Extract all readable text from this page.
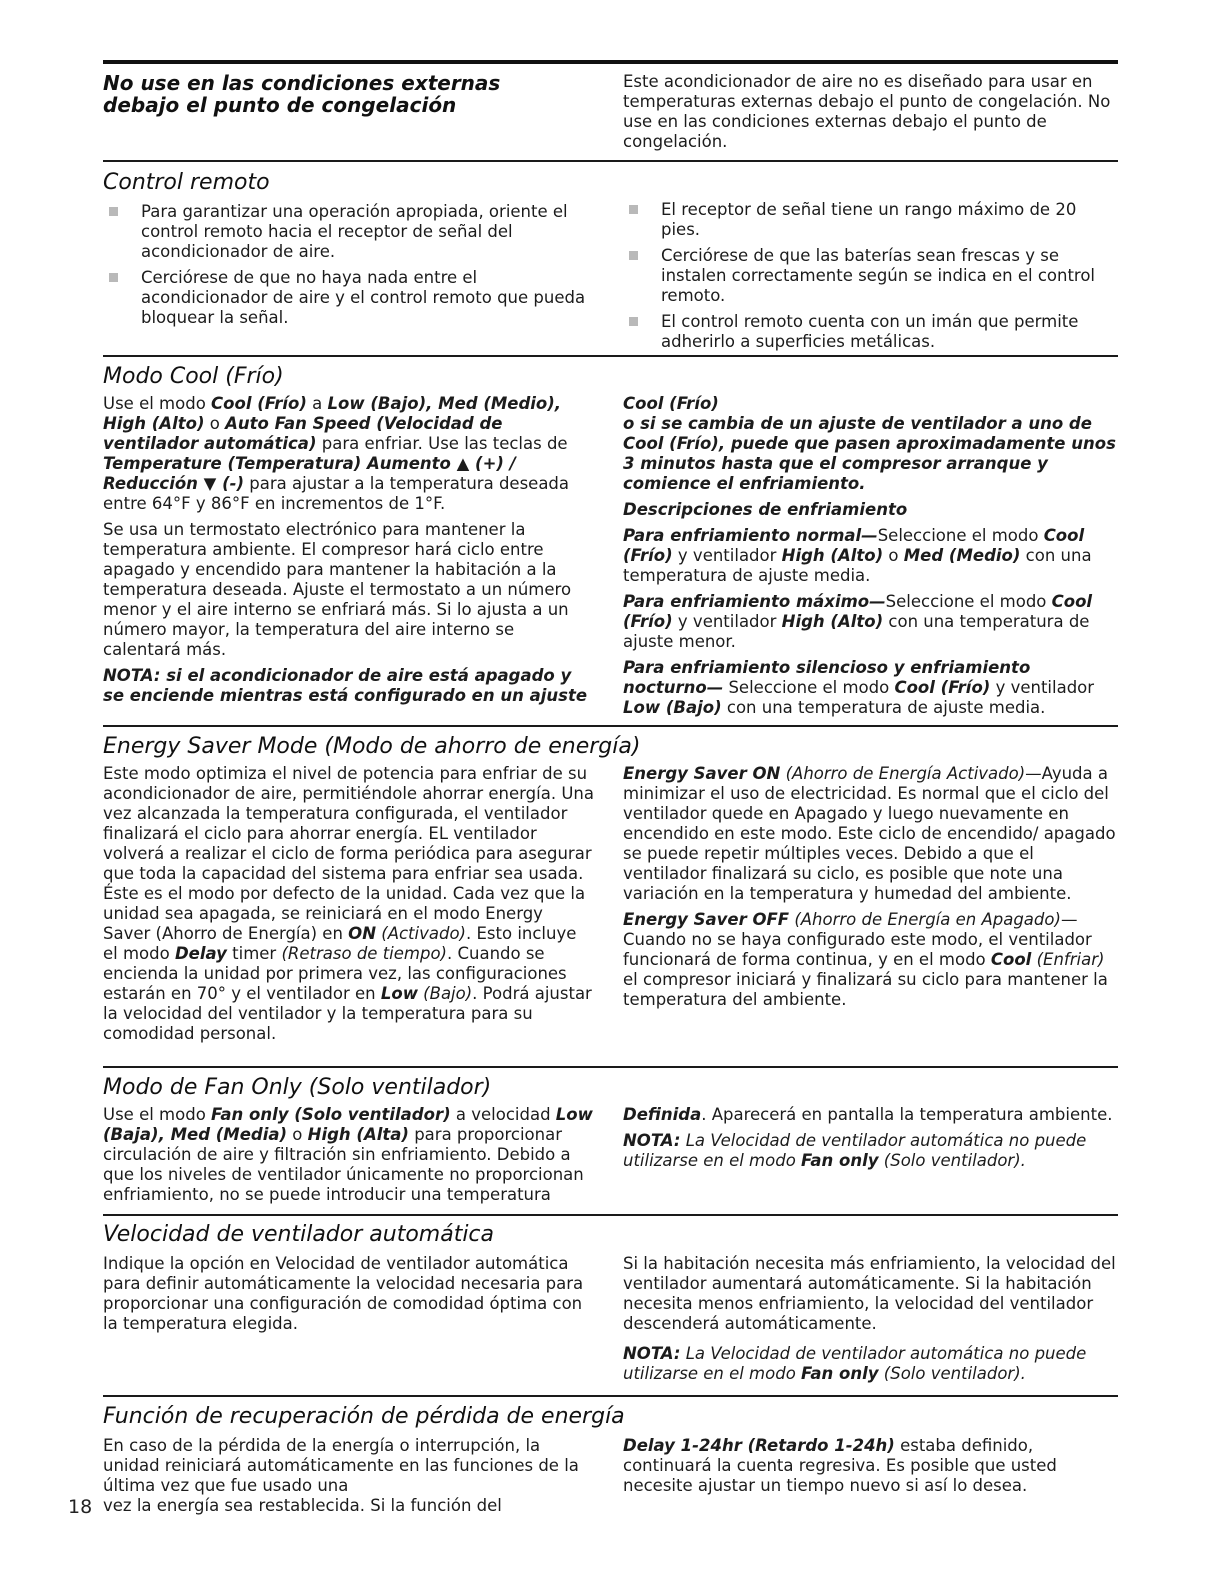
No use en las condiciones externas debajo el punto de congelación

Este acondicionador de aire no es diseñado para usar en temperaturas externas debajo el punto de congelación. No use en las condiciones externas debajo el punto de congelación.

Control remoto
Para garantizar una operación apropiada, oriente el control remoto hacia el receptor de señal del acondicionador de aire.
Cerciórese de que no haya nada entre el acondicionador de aire y el control remoto que pueda bloquear la señal.
El receptor de señal tiene un rango máximo de 20 pies.
Cerciórese de que las baterías sean frescas y se instalen correctamente según se indica en el control remoto.
El control remoto cuenta con un imán que permite adherirlo a superficies metálicas.
Modo Cool (Frío)

Use el modo Cool (Frío) a Low (Bajo), Med (Medio), High (Alto) o Auto Fan Speed (Velocidad de ventilador automática) para enfriar. Use las teclas de Temperature (Temperatura) Aumento ▲ (+) / Reducción ▼ (-) para ajustar a la temperatura deseada entre 64°F y 86°F en incrementos de 1°F.

Se usa un termostato electrónico para mantener la temperatura ambiente. El compresor hará ciclo entre apagado y encendido para mantener la habitación a la temperatura deseada. Ajuste el termostato a un número menor y el aire interno se enfriará más. Si lo ajusta a un número mayor, la temperatura del aire interno se calentará más.

NOTA: si el acondicionador de aire está apagado y se enciende mientras está configurado en un ajuste

Cool (Frío)
o si se cambia de un ajuste de ventilador a uno de Cool (Frío), puede que pasen aproximadamente unos 3 minutos hasta que el compresor arranque y comience el enfriamiento.

Descripciones de enfriamiento

Para enfriamiento normal—Seleccione el modo Cool (Frío) y ventilador High (Alto) o Med (Medio) con una temperatura de ajuste media.

Para enfriamiento máximo—Seleccione el modo Cool (Frío) y ventilador High (Alto) con una temperatura de ajuste menor.

Para enfriamiento silencioso y enfriamiento nocturno— Seleccione el modo Cool (Frío) y ventilador Low (Bajo) con una temperatura de ajuste media.

Energy Saver Mode (Modo de ahorro de energía)

Este modo optimiza el nivel de potencia para enfriar de su acondicionador de aire, permitiéndole ahorrar energía. Una vez alcanzada la temperatura configurada, el ventilador finalizará el ciclo para ahorrar energía. EL ventilador volverá a realizar el ciclo de forma periódica para asegurar que toda la capacidad del sistema para enfriar sea usada. Éste es el modo por defecto de la unidad. Cada vez que la unidad sea apagada, se reiniciará en el modo Energy Saver (Ahorro de Energía) en ON (Activado). Esto incluye el modo Delay timer (Retraso de tiempo). Cuando se encienda la unidad por primera vez, las configuraciones estarán en 70° y el ventilador en Low (Bajo). Podrá ajustar la velocidad del ventilador y la temperatura para su comodidad personal.

Energy Saver ON (Ahorro de Energía Activado)—Ayuda a minimizar el uso de electricidad. Es normal que el ciclo del ventilador quede en Apagado y luego nuevamente en encendido en este modo. Este ciclo de encendido/ apagado se puede repetir múltiples veces. Debido a que el ventilador finalizará su ciclo, es posible que note una variación en la temperatura y humedad del ambiente.

Energy Saver OFF (Ahorro de Energía en Apagado)— Cuando no se haya configurado este modo, el ventilador funcionará de forma continua, y en el modo Cool (Enfriar) el compresor iniciará y finalizará su ciclo para mantener la temperatura del ambiente.

Modo de Fan Only (Solo ventilador)

Use el modo Fan only (Solo ventilador) a velocidad Low (Baja), Med (Media) o High (Alta) para proporcionar circulación de aire y filtración sin enfriamiento. Debido a que los niveles de ventilador únicamente no proporcionan enfriamiento, no se puede introducir una temperatura

Definida. Aparecerá en pantalla la temperatura ambiente.

NOTA: La Velocidad de ventilador automática no puede utilizarse en el modo Fan only (Solo ventilador).

Velocidad de ventilador automática

Indique la opción en Velocidad de ventilador automática para definir automáticamente la velocidad necesaria para proporcionar una configuración de comodidad óptima con la temperatura elegida.

Si la habitación necesita más enfriamiento, la velocidad del ventilador aumentará automáticamente. Si la habitación necesita menos enfriamiento, la velocidad del ventilador descenderá automáticamente.

NOTA: La Velocidad de ventilador automática no puede utilizarse en el modo Fan only (Solo ventilador).

Función de recuperación de pérdida de energía

En caso de la pérdida de la energía o interrupción, la unidad reiniciará automáticamente en las funciones de la última vez que fue usado una

vez la energía sea restablecida. Si la función del

Delay 1-24hr (Retardo 1-24h) estaba definido, continuará la cuenta regresiva. Es posible que usted necesite ajustar un tiempo nuevo si así lo desea.

18
